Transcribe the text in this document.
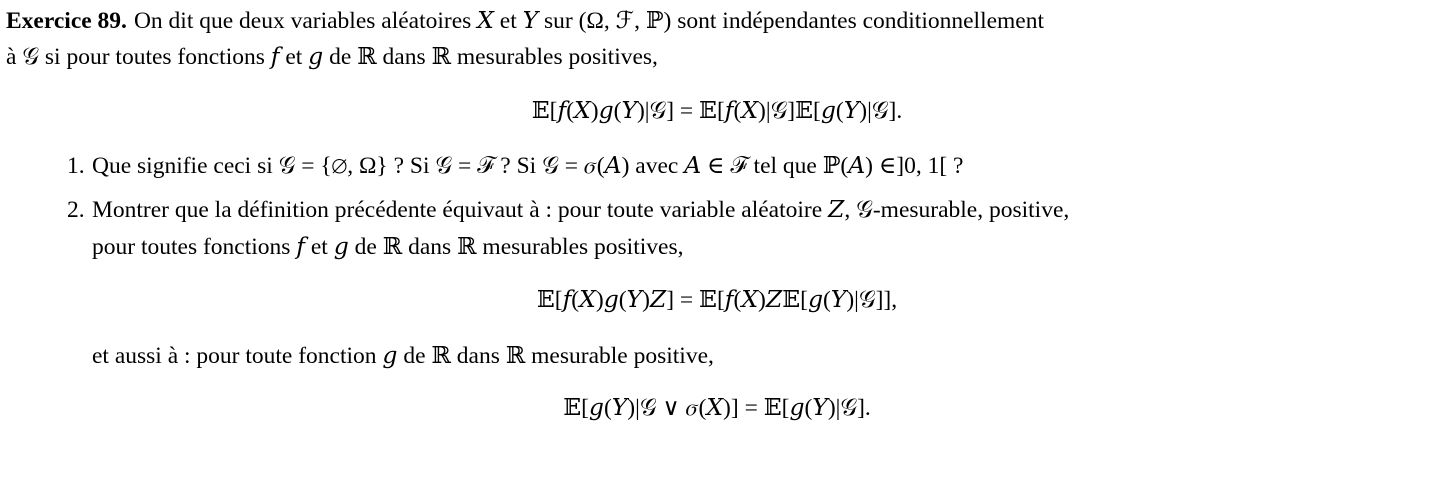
Exercice 89. On dit que deux variables aléatoires 𝑋 et 𝑌 sur (Ω, ℱ, ℙ) sont indépendantes conditionnellement
à 𝒢 si pour toutes fonctions 𝑓 et 𝑔 de ℝ dans ℝ mesurables positives,
𝔼[𝑓(𝑋)𝑔(𝑌)|𝒢] = 𝔼[𝑓(𝑋)|𝒢]𝔼[𝑔(𝑌)|𝒢].
1. Que signifie ceci si 𝒢 = {∅, Ω} ? Si 𝒢 = ℱ ? Si 𝒢 = 𝜎(𝐴) avec 𝐴 ∈ ℱ tel que ℙ(𝐴) ∈]0, 1[ ?
2. Montrer que la définition précédente équivaut à : pour toute variable aléatoire 𝑍, 𝒢-mesurable, positive,
pour toutes fonctions 𝑓 et 𝑔 de ℝ dans ℝ mesurables positives,
𝔼[𝑓(𝑋)𝑔(𝑌)𝑍] = 𝔼[𝑓(𝑋)𝑍𝔼[𝑔(𝑌)|𝒢]],
et aussi à : pour toute fonction 𝑔 de ℝ dans ℝ mesurable positive,
𝔼[𝑔(𝑌)|𝒢 ∨ 𝜎(𝑋)] = 𝔼[𝑔(𝑌)|𝒢].
